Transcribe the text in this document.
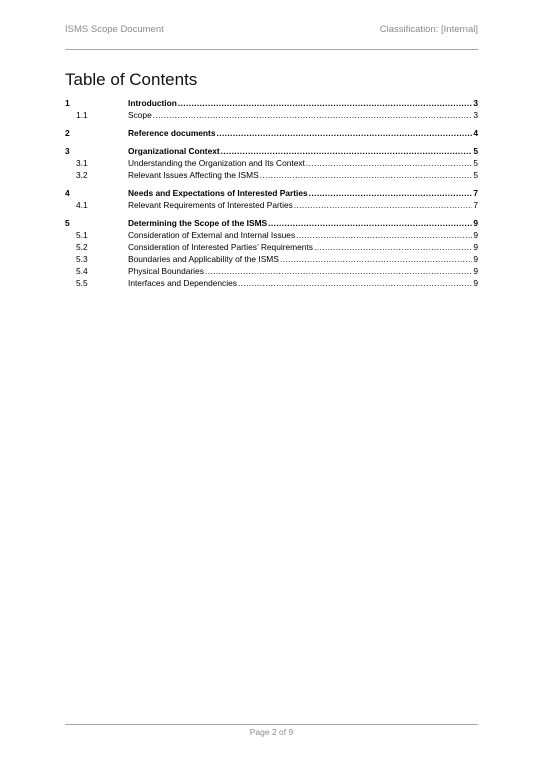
ISMS Scope Document	Classification: [Internal]
Table of Contents
1	Introduction .....	3
1.1	Scope .....	3
2	Reference documents .....	4
3	Organizational Context .....	5
3.1	Understanding the Organization and Its Context .....	5
3.2	Relevant Issues Affecting the ISMS .....	5
4	Needs and Expectations of Interested Parties .....	7
4.1	Relevant Requirements of Interested Parties .....	7
5	Determining the Scope of the ISMS .....	9
5.1	Consideration of External and Internal Issues .....	9
5.2	Consideration of Interested Parties’ Requirements .....	9
5.3	Boundaries and Applicability of the ISMS .....	9
5.4	Physical Boundaries .....	9
5.5	Interfaces and Dependencies .....	9
Page 2 of 9
